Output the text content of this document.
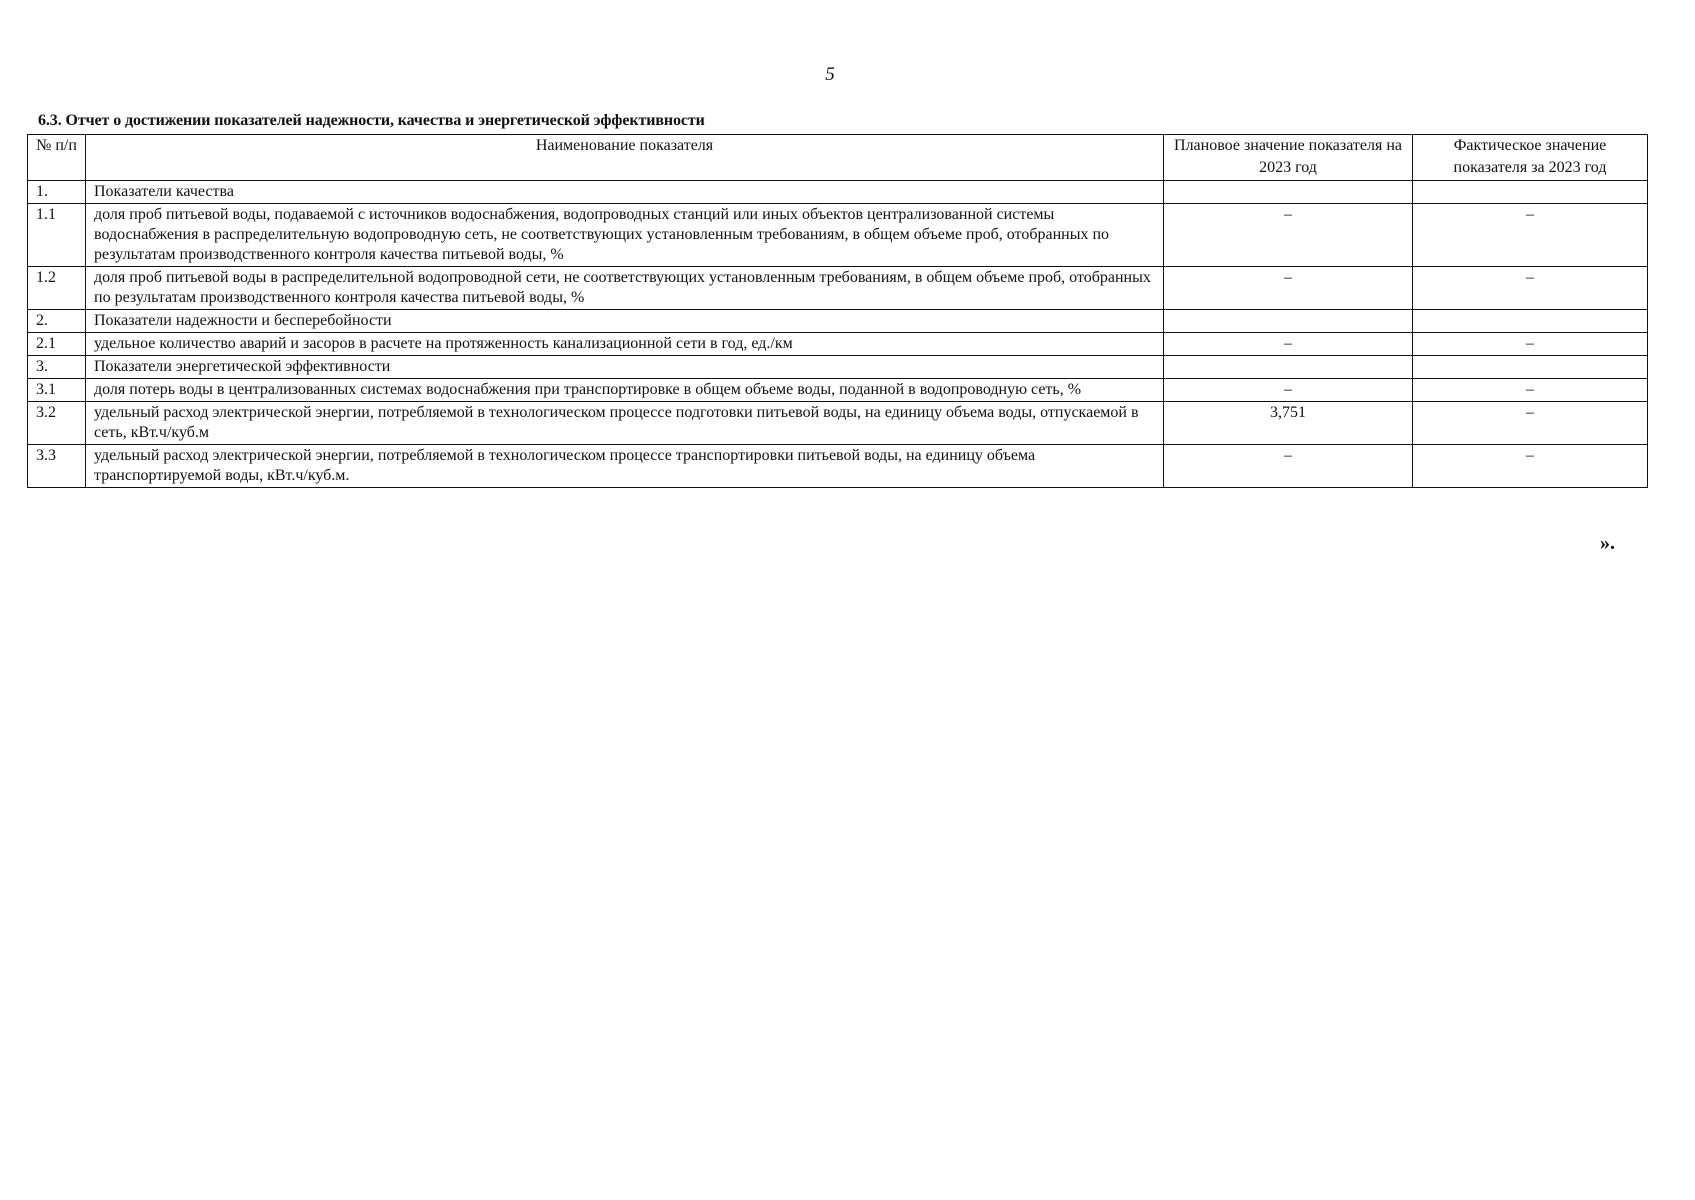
5
6.3. Отчет о достижении показателей надежности, качества и энергетической эффективности
№ п/п	Наименование показателя	Плановое значение показателя на 2023 год	Фактическое значение показателя за 2023 год
1.	Показатели качества		
1.1	доля проб питьевой воды, подаваемой с источников водоснабжения, водопроводных станций или иных объектов централизованной системы водоснабжения в распределительную водопроводную сеть, не соответствующих установленным требованиям, в общем объеме проб, отобранных по результатам производственного контроля качества питьевой воды, %	–	–
1.2	доля проб питьевой воды в распределительной водопроводной сети, не соответствующих установленным требованиям, в общем объеме проб, отобранных по результатам производственного контроля качества питьевой воды, %	–	–
2.	Показатели надежности и бесперебойности		
2.1	удельное количество аварий и засоров в расчете на протяженность канализационной сети в год, ед./км	–	–
3.	Показатели энергетической эффективности		
3.1	доля потерь воды в централизованных системах водоснабжения при транспортировке в общем объеме воды, поданной в водопроводную сеть, %	–	–
3.2	удельный расход электрической энергии, потребляемой в технологическом процессе подготовки питьевой воды, на единицу объема воды, отпускаемой в сеть, кВт.ч/куб.м	3,751	–
3.3	удельный расход электрической энергии, потребляемой в технологическом процессе транспортировки питьевой воды, на единицу объема транспортируемой воды, кВт.ч/куб.м.	–	–
».
